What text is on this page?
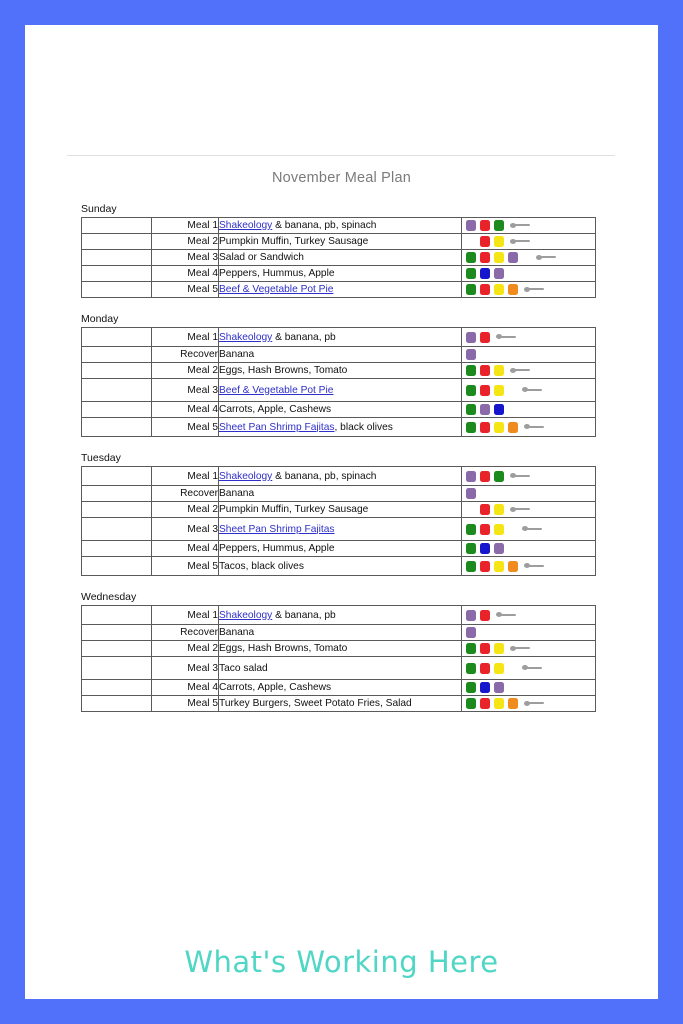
November Meal Plan
Sunday
	Meal 1	Shakeology & banana, pb, spinach	

	Meal 2	Pumpkin Muffin, Turkey Sausage	

	Meal 3	Salad or Sandwich	

	Meal 4	Peppers, Hummus, Apple	

	Meal 5	Beef & Vegetable Pot Pie	
Monday
	Meal 1	Shakeology & banana, pb	

	Recover	Banana	

	Meal 2	Eggs, Hash Browns, Tomato	

	Meal 3	Beef & Vegetable Pot Pie	

	Meal 4	Carrots, Apple, Cashews	

	Meal 5	Sheet Pan Shrimp Fajitas, black olives	
Tuesday
	Meal 1	Shakeology & banana, pb, spinach	

	Recover	Banana	

	Meal 2	Pumpkin Muffin, Turkey Sausage	

	Meal 3	Sheet Pan Shrimp Fajitas	

	Meal 4	Peppers, Hummus, Apple	

	Meal 5	Tacos, black olives	
Wednesday
	Meal 1	Shakeology & banana, pb	

	Recover	Banana	

	Meal 2	Eggs, Hash Browns, Tomato	

	Meal 3	Taco salad	

	Meal 4	Carrots, Apple, Cashews	

	Meal 5	Turkey Burgers, Sweet Potato Fries, Salad	
What's Working Here
